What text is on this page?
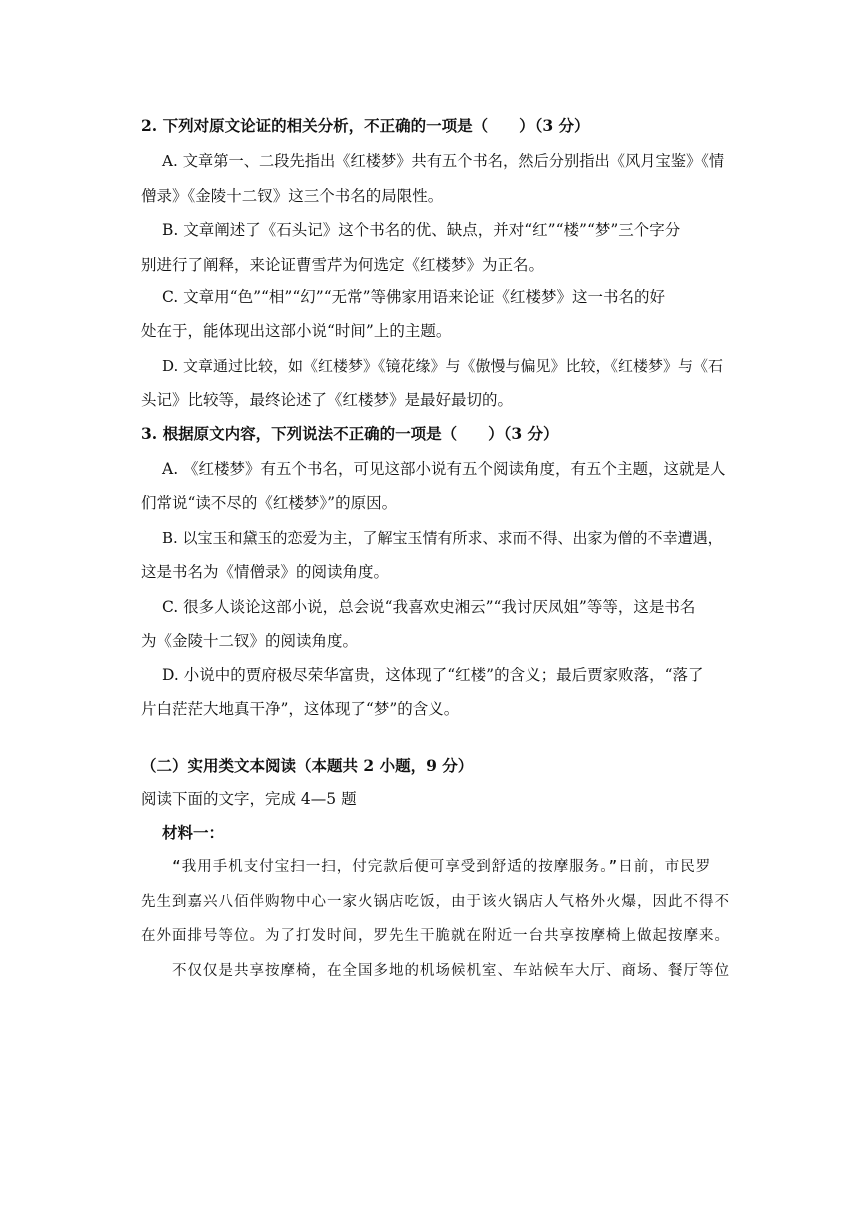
2. 下列对原文论证的相关分析，不正确的一项是（　　）（3 分）
A. 文章第一、二段先指出《红楼梦》共有五个书名，然后分别指出《风月宝鉴》《情
僧录》《金陵十二钗》这三个书名的局限性。
B. 文章阐述了《石头记》这个书名的优、缺点，并对“红”“楼”“梦”三个字分
别进行了阐释，来论证曹雪芹为何选定《红楼梦》为正名。
C. 文章用“色”“相”“幻”“无常”等佛家用语来论证《红楼梦》这一书名的好
处在于，能体现出这部小说“时间”上的主题。
D. 文章通过比较，如《红楼梦》《镜花缘》与《傲慢与偏见》比较，《红楼梦》与《石
头记》比较等，最终论述了《红楼梦》是最好最切的。
3. 根据原文内容，下列说法不正确的一项是（　　）（3 分）
A. 《红楼梦》有五个书名，可见这部小说有五个阅读角度，有五个主题，这就是人
们常说“读不尽的《红楼梦》”的原因。
B. 以宝玉和黛玉的恋爱为主，了解宝玉情有所求、求而不得、出家为僧的不幸遭遇，
这是书名为《情僧录》的阅读角度。
C. 很多人谈论这部小说，总会说“我喜欢史湘云”“我讨厌凤姐”等等，这是书名
为《金陵十二钗》的阅读角度。
D. 小说中的贾府极尽荣华富贵，这体现了“红楼”的含义；最后贾家败落，“落了
片白茫茫大地真干净”，这体现了“梦”的含义。
（二）实用类文本阅读（本题共 2 小题，9 分）
阅读下面的文字，完成 4—5 题
材料一：
“我用手机支付宝扫一扫，付完款后便可享受到舒适的按摩服务。”日前，市民罗
先生到嘉兴八佰伴购物中心一家火锅店吃饭，由于该火锅店人气格外火爆，因此不得不
在外面排号等位。为了打发时间，罗先生干脆就在附近一台共享按摩椅上做起按摩来。
不仅仅是共享按摩椅，在全国多地的机场候机室、车站候车大厅、商场、餐厅等位
